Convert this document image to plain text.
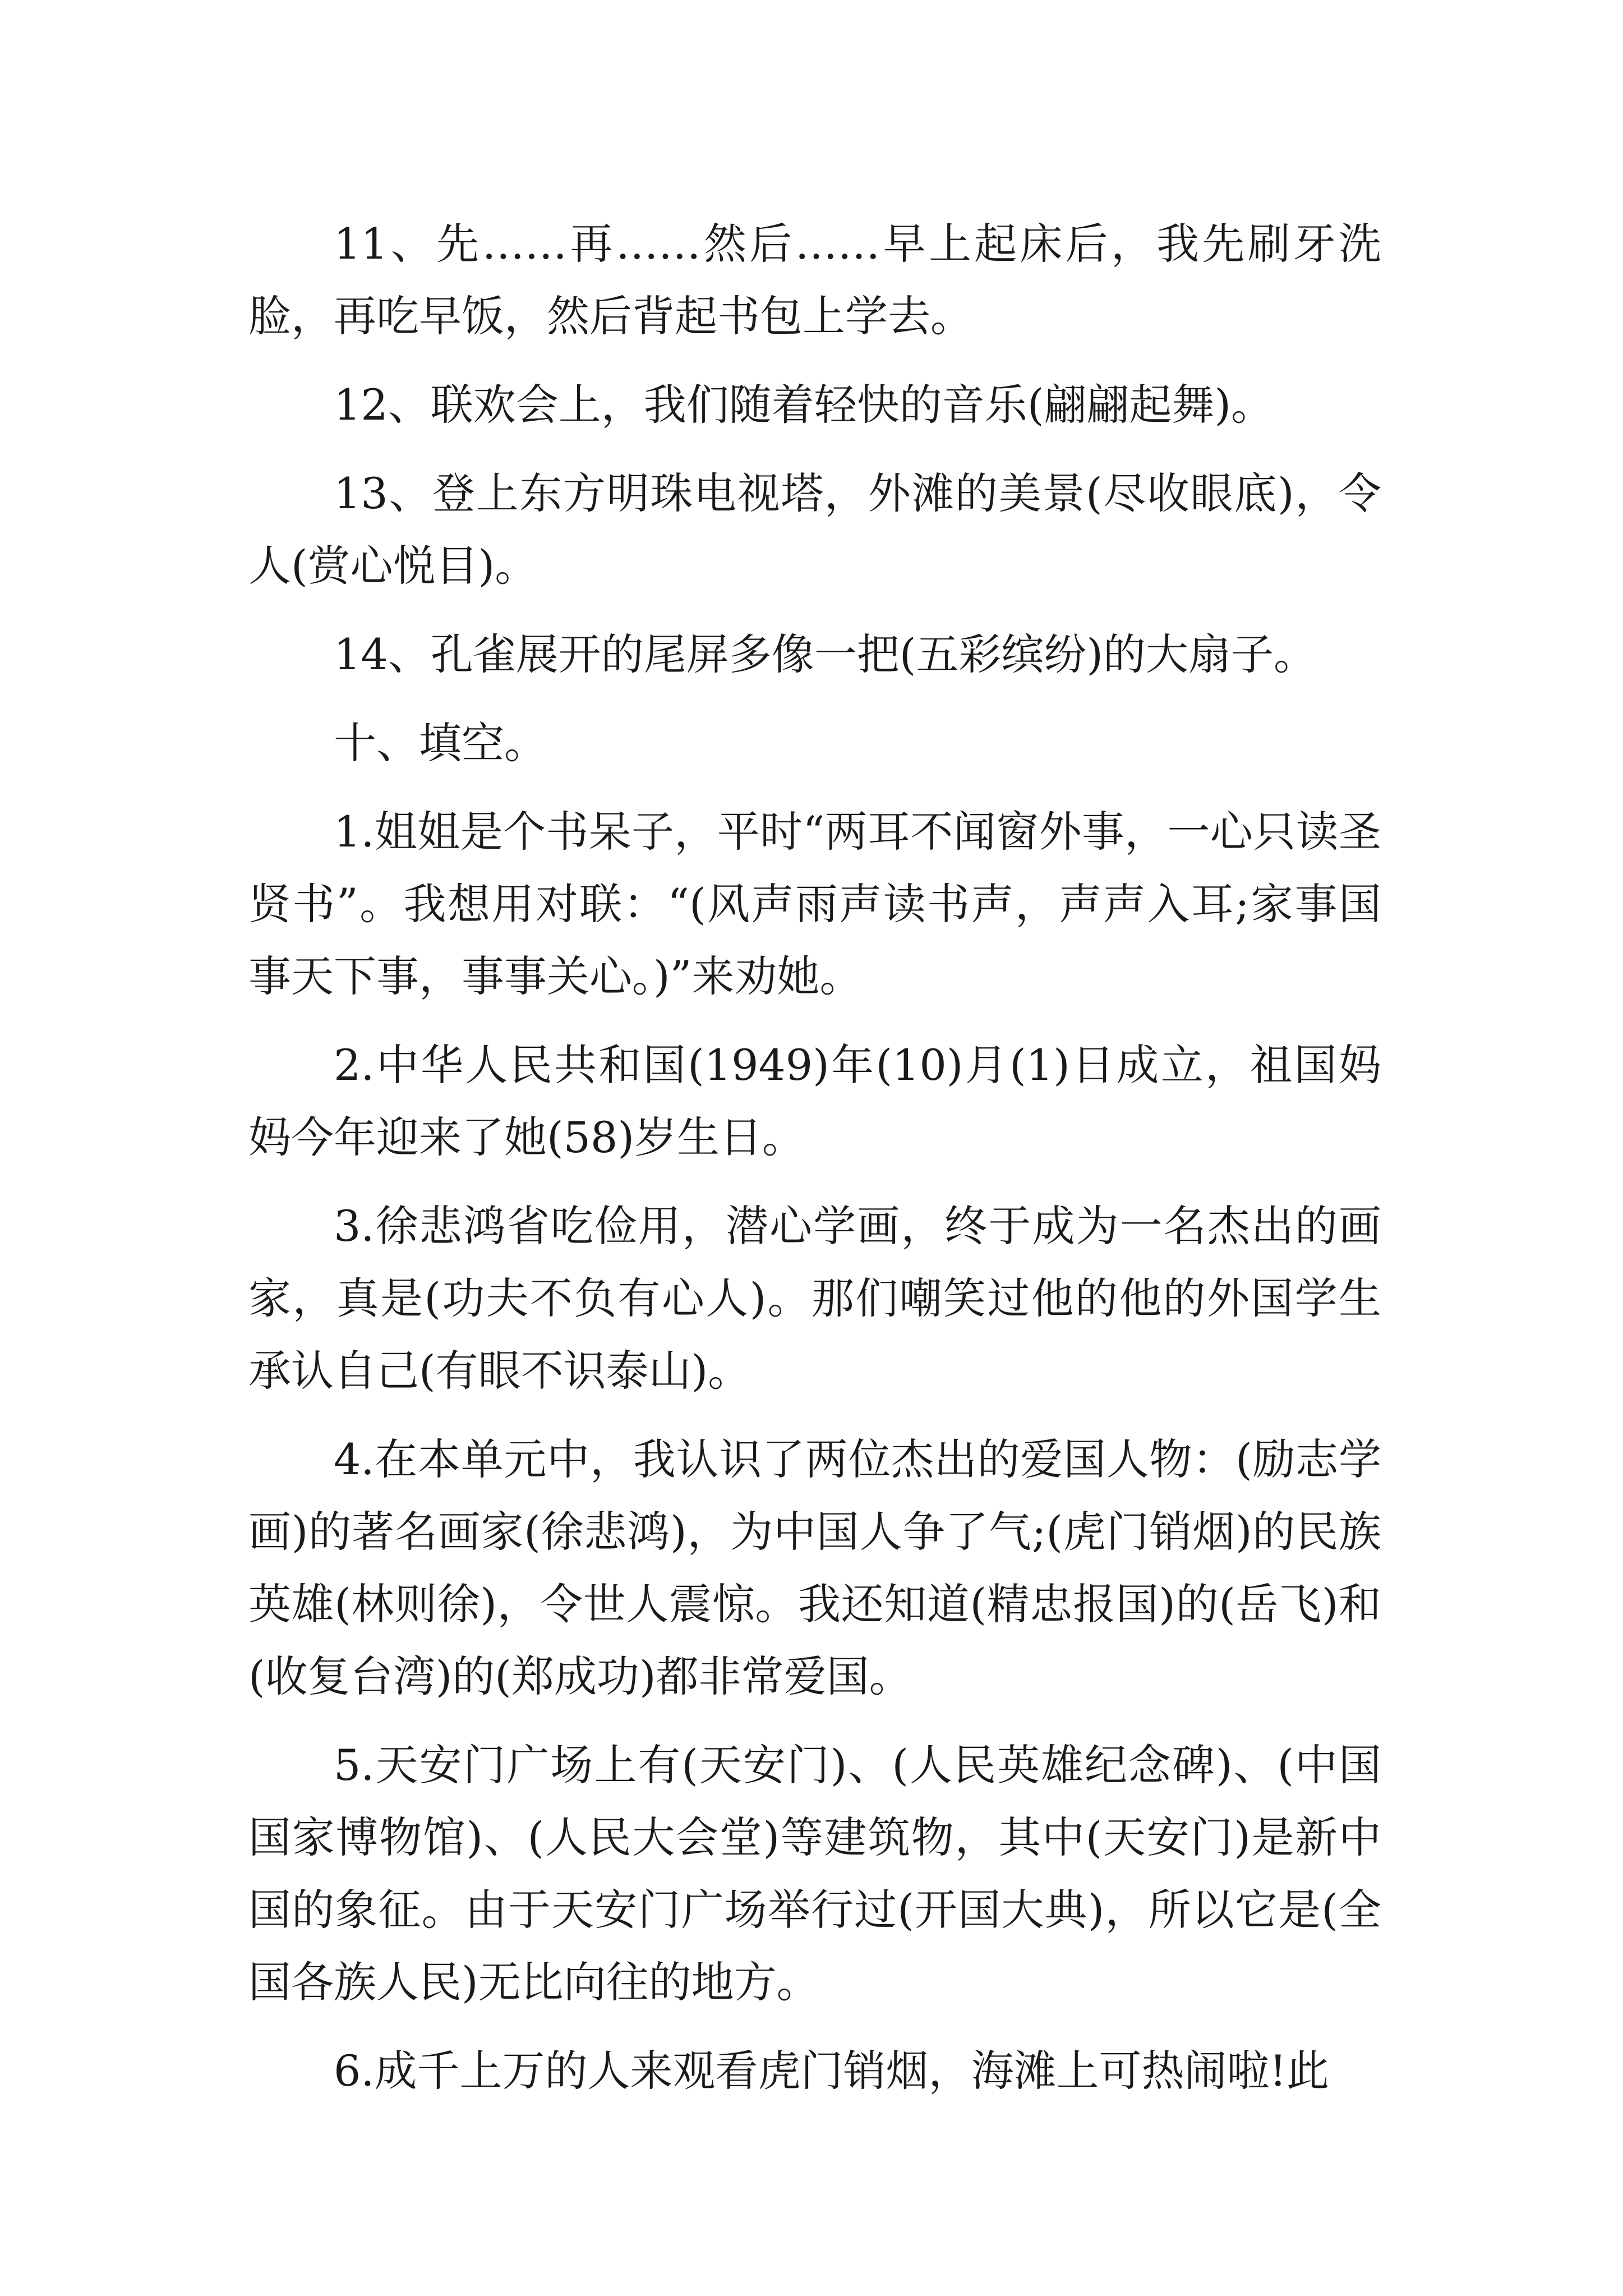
11、先……再……然后……早上起床后，我先刷牙洗脸，再吃早饭，然后背起书包上学去。

12、联欢会上，我们随着轻快的音乐(翩翩起舞)。

13、登上东方明珠电视塔，外滩的美景(尽收眼底)，令人(赏心悦目)。

14、孔雀展开的尾屏多像一把(五彩缤纷)的大扇子。

十、填空。

1.姐姐是个书呆子，平时“两耳不闻窗外事，一心只读圣贤书”。我想用对联：“(风声雨声读书声，声声入耳;家事国事天下事，事事关心。)”来劝她。

2.中华人民共和国(1949)年(10)月(1)日成立，祖国妈妈今年迎来了她(58)岁生日。

3.徐悲鸿省吃俭用，潜心学画，终于成为一名杰出的画家，真是(功夫不负有心人)。那们嘲笑过他的他的外国学生承认自己(有眼不识泰山)。

4.在本单元中，我认识了两位杰出的爱国人物：(励志学画)的著名画家(徐悲鸿)，为中国人争了气;(虎门销烟)的民族英雄(林则徐)，令世人震惊。我还知道(精忠报国)的(岳飞)和(收复台湾)的(郑成功)都非常爱国。

5.天安门广场上有(天安门)、(人民英雄纪念碑)、(中国国家博物馆)、(人民大会堂)等建筑物，其中(天安门)是新中国的象征。由于天安门广场举行过(开国大典)，所以它是(全国各族人民)无比向往的地方。

6.成千上万的人来观看虎门销烟，海滩上可热闹啦!此
